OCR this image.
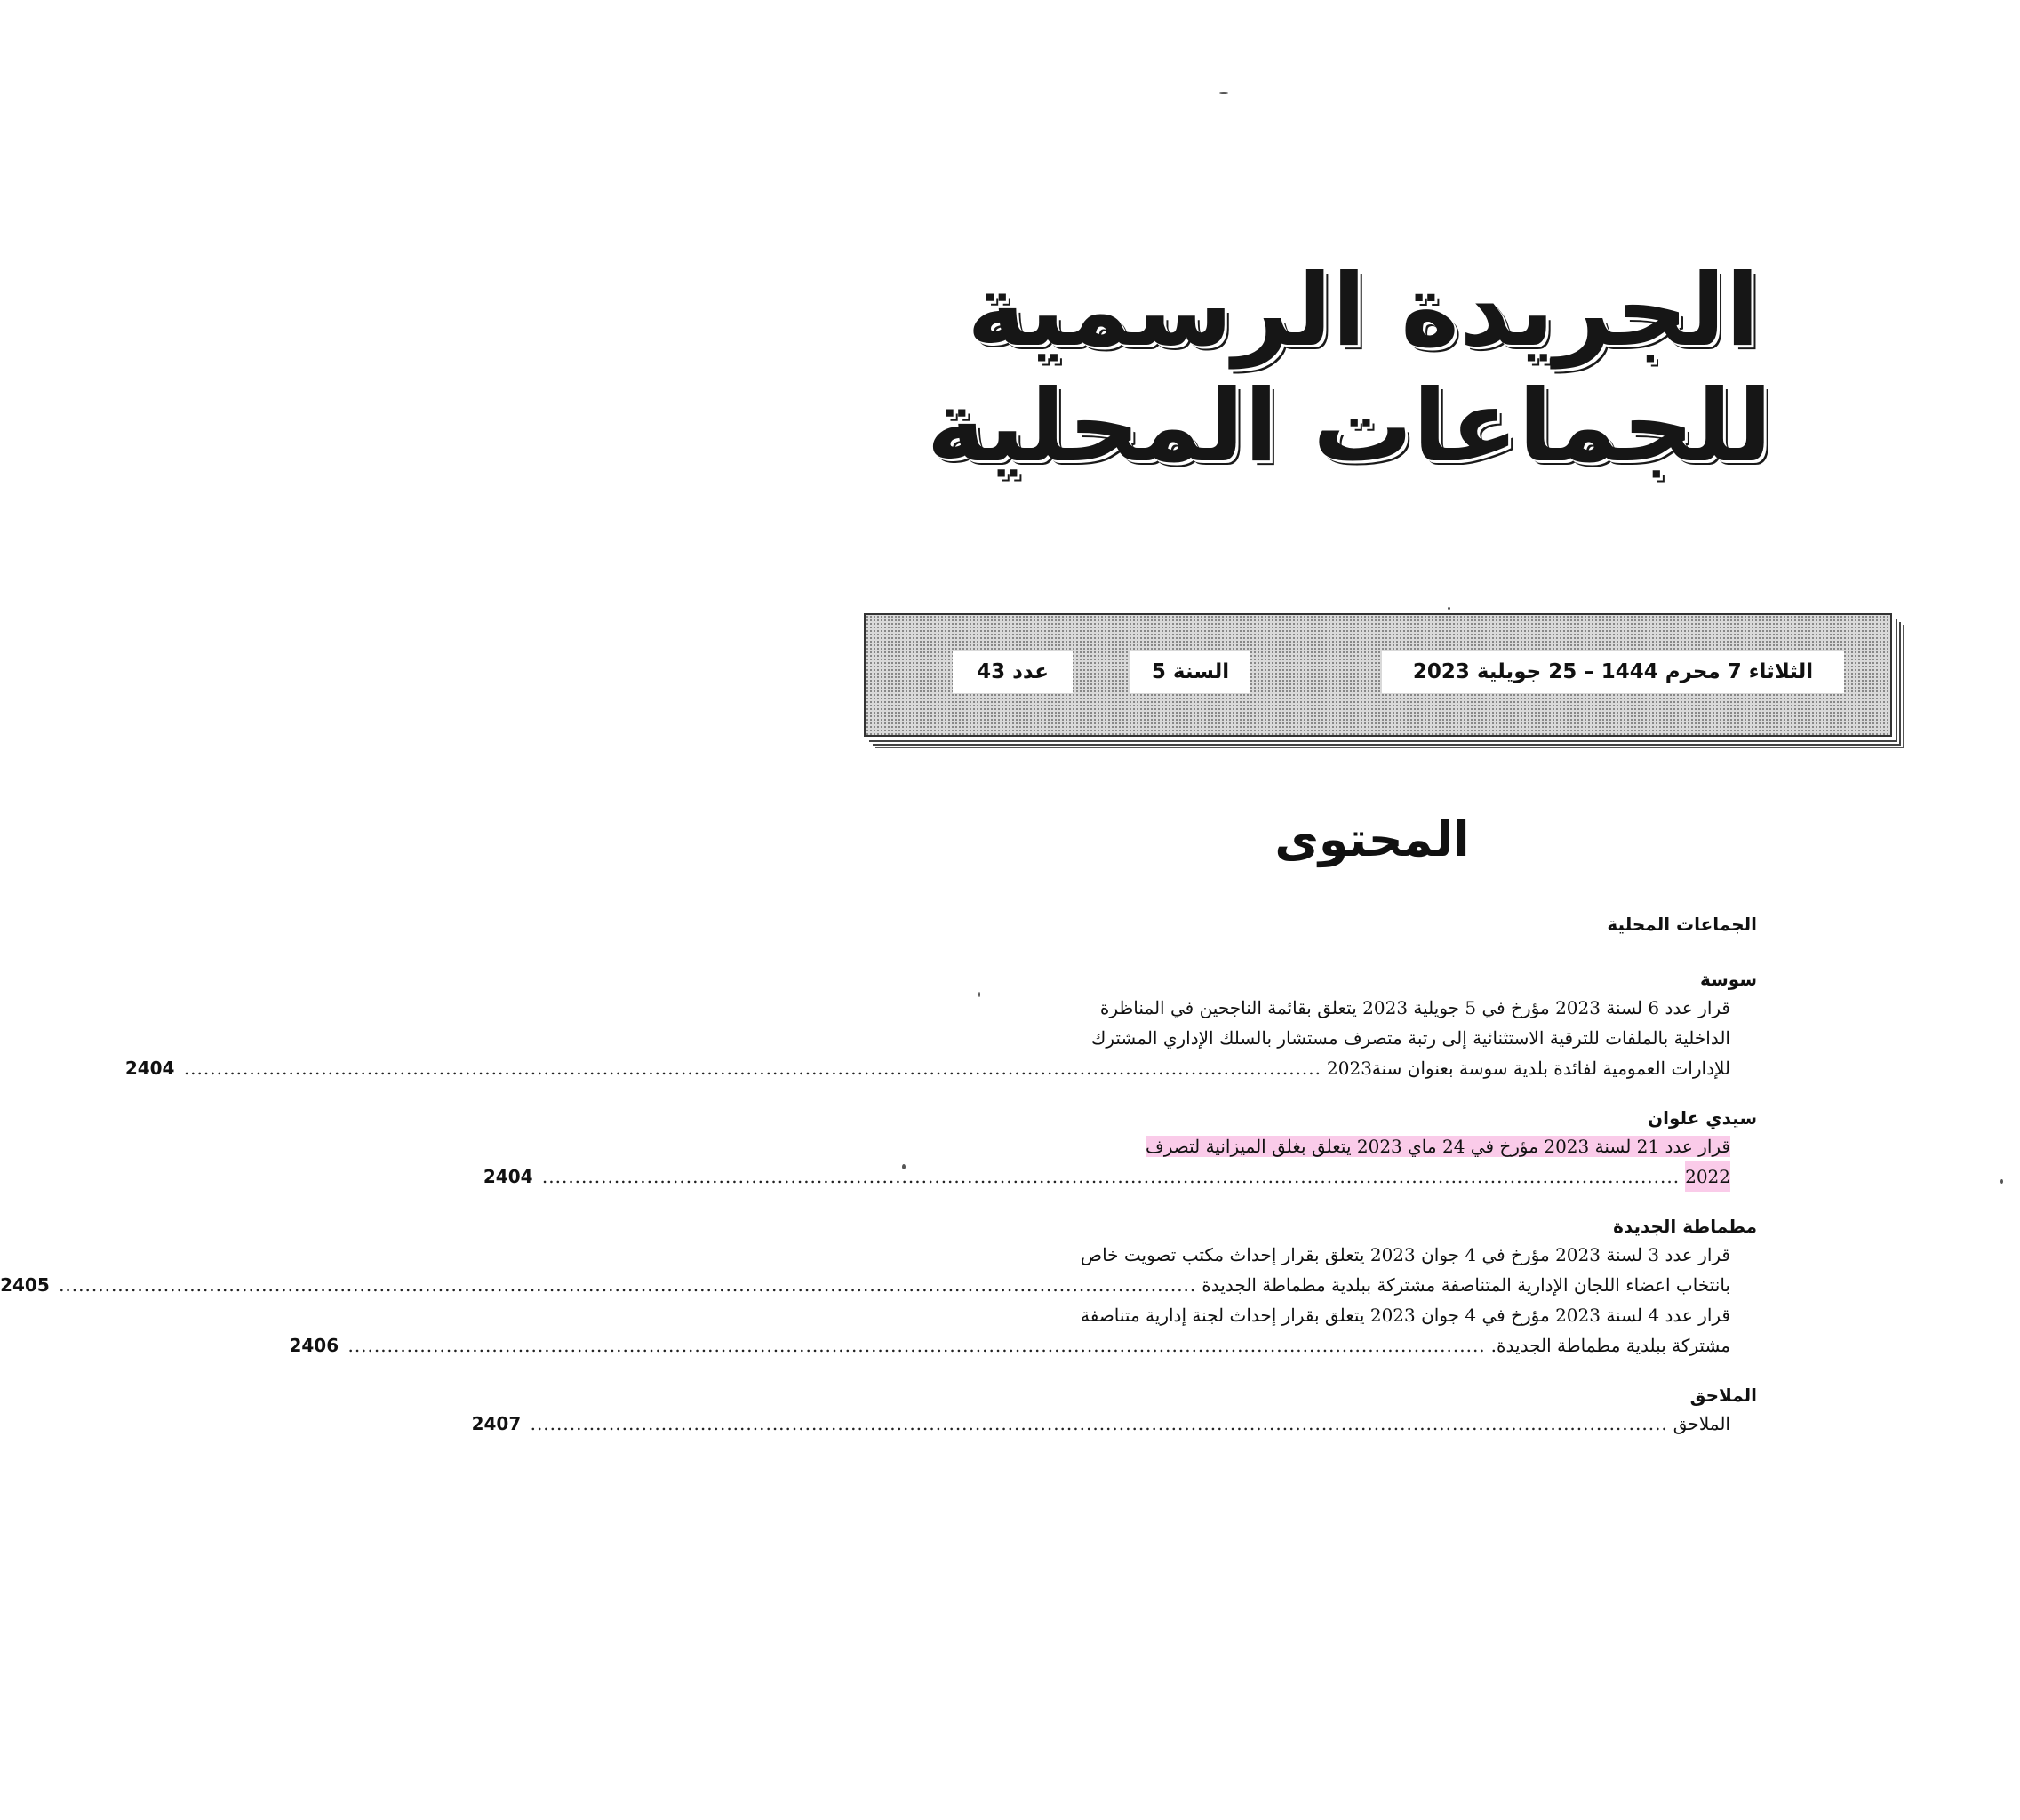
الجريدة الرسمية
للجماعات المحلية
الثلاثاء 7 محرم 1444 – 25 جويلية 2023
السنة 5
عدد 43
المحتوى

الجماعات المحلية

سوسة

قرار عدد 6 لسنة 2023 مؤرخ في 5 جويلية 2023 يتعلق بقائمة الناجحين في المناظرة
الداخلية بالملفات للترقية الاستثنائية إلى رتبة متصرف مستشار بالسلك الإداري المشترك
للإدارات العمومية لفائدة بلدية سوسة بعنوان سنة2023
.....
2404

سيدي علوان

قرار عدد 21 لسنة 2023 مؤرخ في 24 ماي 2023 يتعلق بغلق الميزانية لتصرف
2022
.....
2404

مطماطة الجديدة

قرار عدد 3 لسنة 2023 مؤرخ في 4 جوان 2023 يتعلق بقرار إحداث مكتب تصويت خاص
بانتخاب اعضاء اللجان الإدارية المتناصفة مشتركة ببلدية مطماطة الجديدة
.....
2405
قرار عدد 4 لسنة 2023 مؤرخ في 4 جوان 2023 يتعلق بقرار إحداث لجنة إدارية متناصفة
مشتركة ببلدية مطماطة الجديدة.
.....
2406

الملاحق

الملاحق
.....
2407
